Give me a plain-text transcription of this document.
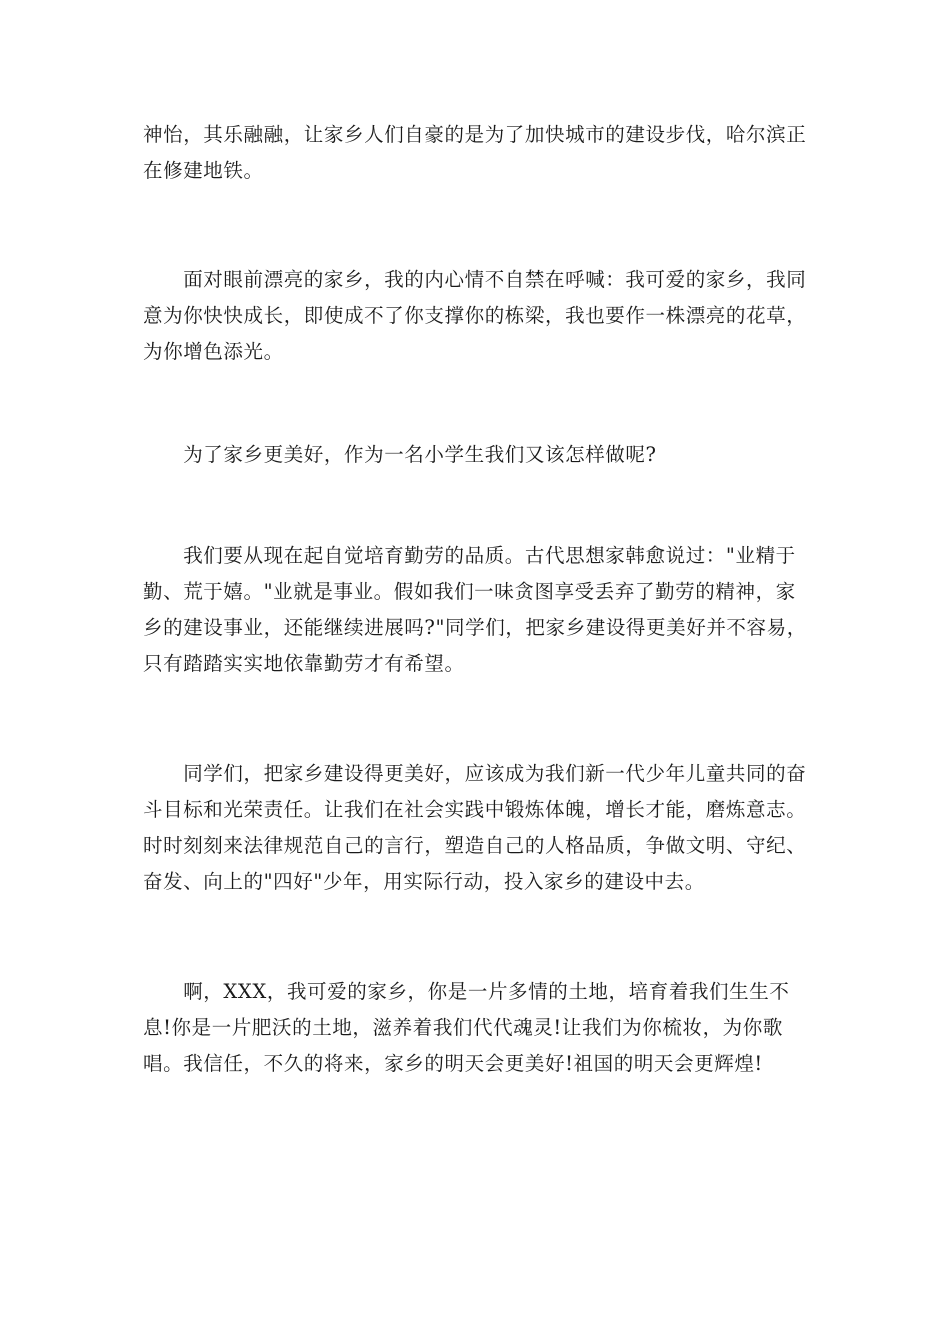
神怡，其乐融融，让家乡人们自豪的是为了加快城市的建设步伐，哈尔滨正在修建地铁。

　　面对眼前漂亮的家乡，我的内心情不自禁在呼喊：我可爱的家乡，我同意为你快快成长，即使成不了你支撑你的栋梁，我也要作一株漂亮的花草，为你增色添光。

　　为了家乡更美好，作为一名小学生我们又该怎样做呢?

　　我们要从现在起自觉培育勤劳的品质。古代思想家韩愈说过："业精于勤、荒于嬉。"业就是事业。假如我们一味贪图享受丢弃了勤劳的精神，家乡的建设事业，还能继续进展吗?"同学们，把家乡建设得更美好并不容易，只有踏踏实实地依靠勤劳才有希望。

　　同学们，把家乡建设得更美好，应该成为我们新一代少年儿童共同的奋斗目标和光荣责任。让我们在社会实践中锻炼体魄，增长才能，磨炼意志。时时刻刻来法律规范自己的言行，塑造自己的人格品质，争做文明、守纪、奋发、向上的"四好"少年，用实际行动，投入家乡的建设中去。

　　啊，XXX，我可爱的家乡，你是一片多情的土地，培育着我们生生不息!你是一片肥沃的土地，滋养着我们代代魂灵!让我们为你梳妆，为你歌唱。我信任，不久的将来，家乡的明天会更美好!祖国的明天会更辉煌!
